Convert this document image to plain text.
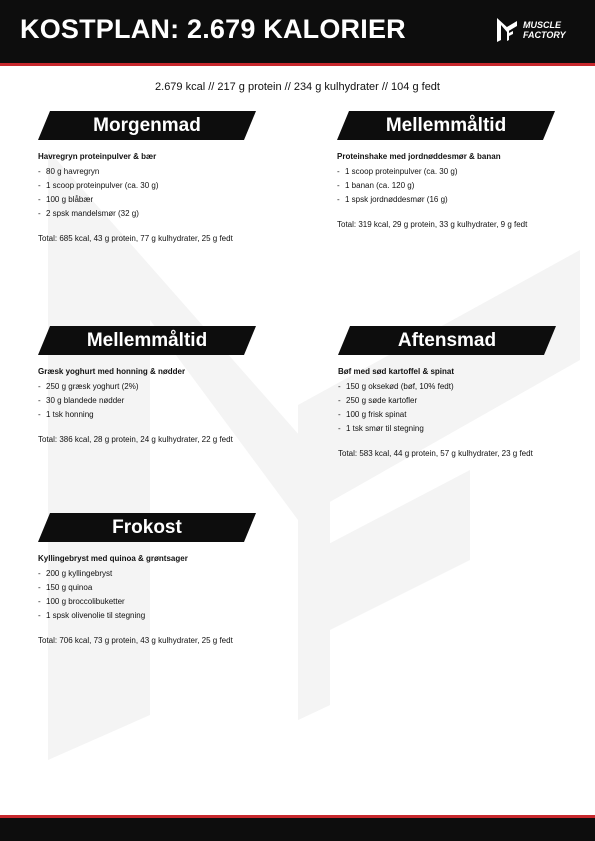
KOSTPLAN: 2.679 KALORIER	MUSCLE
FACTORY
2.679 kcal // 217 g protein // 234 g kulhydrater // 104 g fedt
Morgenmad
Havregryn proteinpulver & bær
- 80 g havregryn
- 1 scoop proteinpulver (ca. 30 g)
- 100 g blåbær
- 2 spsk mandelsmør (32 g)
Total: 685 kcal, 43 g protein, 77 g kulhydrater, 25 g fedt
Mellemmåltid
Proteinshake med jordnøddesmør & banan
- 1 scoop proteinpulver (ca. 30 g)
- 1 banan (ca. 120 g)
- 1 spsk jordnøddesmør (16 g)
Total: 319 kcal, 29 g protein, 33 g kulhydrater, 9 g fedt
Mellemmåltid
Græsk yoghurt med honning & nødder
- 250 g græsk yoghurt (2%)
- 30 g blandede nødder
- 1 tsk honning
Total: 386 kcal, 28 g protein, 24 g kulhydrater, 22 g fedt
Aftensmad
Bøf med sød kartoffel & spinat
- 150 g oksekød (bøf, 10% fedt)
- 250 g søde kartofler
- 100 g frisk spinat
- 1 tsk smør til stegning
Total: 583 kcal, 44 g protein, 57 g kulhydrater, 23 g fedt
Frokost
Kyllingebryst med quinoa & grøntsager
- 200 g kyllingebryst
- 150 g quinoa
- 100 g broccolibuketter
- 1 spsk olivenolie til stegning
Total: 706 kcal, 73 g protein, 43 g kulhydrater, 25 g fedt
